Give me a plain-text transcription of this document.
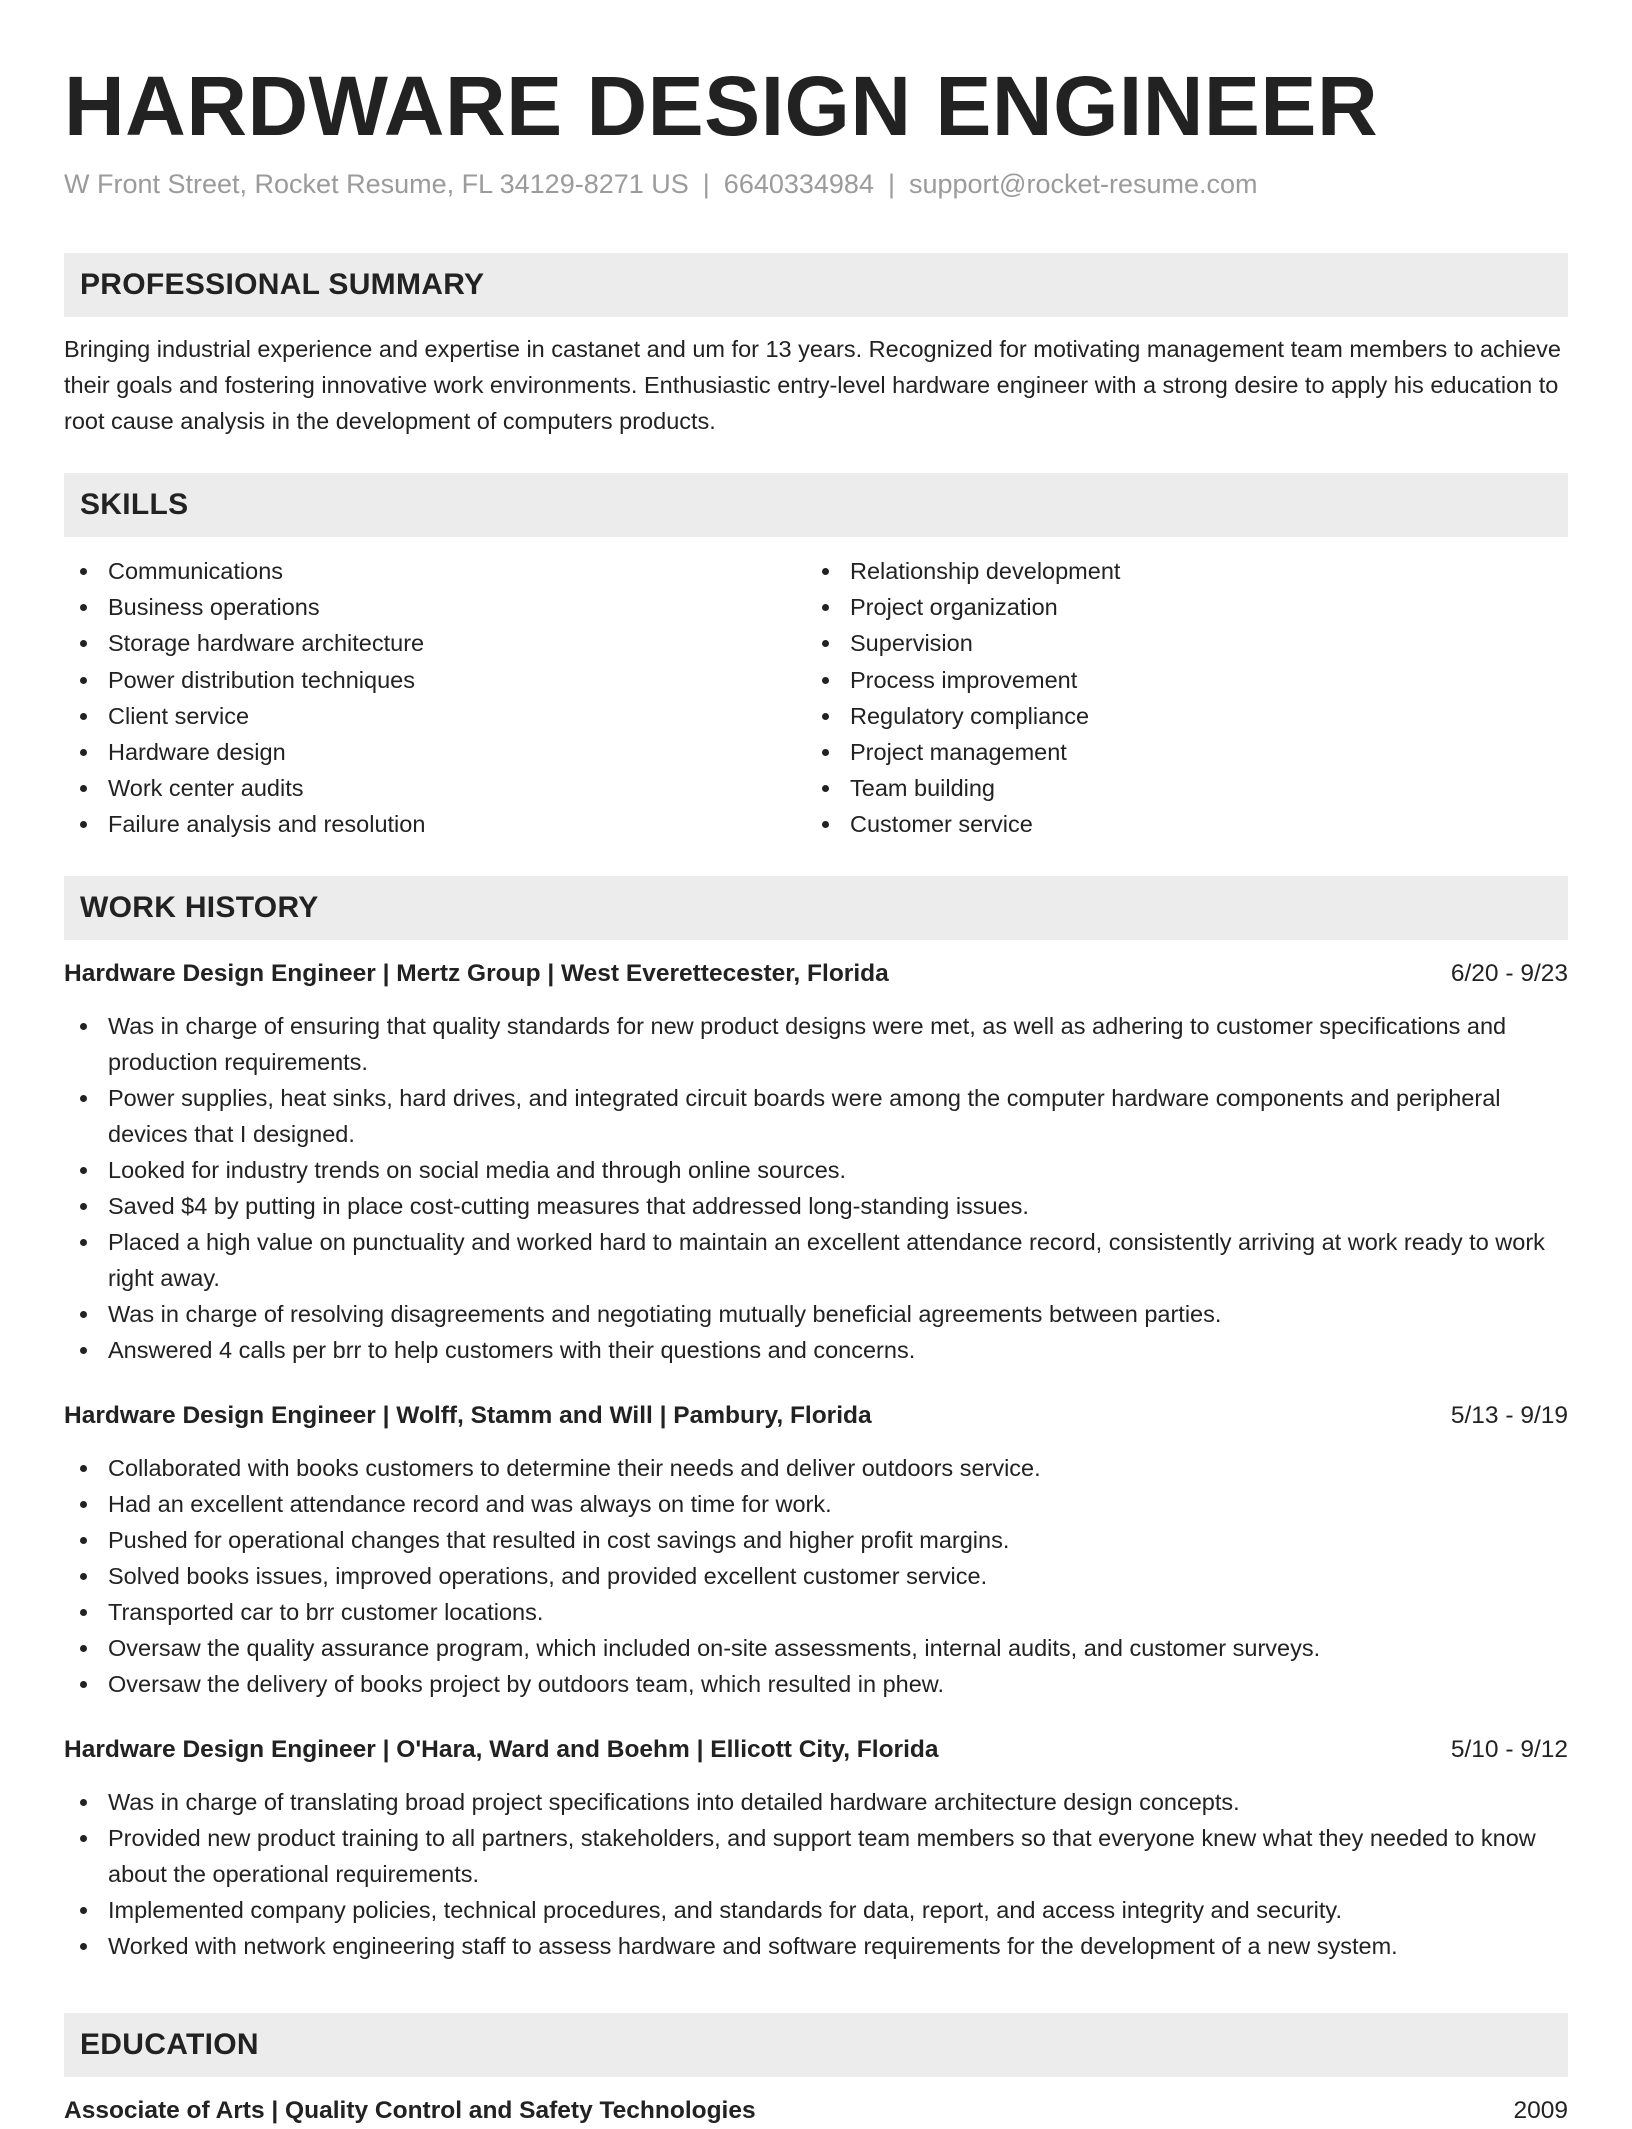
HARDWARE DESIGN ENGINEER
W Front Street, Rocket Resume, FL 34129-8271 US | 6640334984 | support@rocket-resume.com
PROFESSIONAL SUMMARY

Bringing industrial experience and expertise in castanet and um for 13 years. Recognized for motivating management team members to achieve their goals and fostering innovative work environments. Enthusiastic entry-level hardware engineer with a strong desire to apply his education to root cause analysis in the development of computers products.

SKILLS
Communications
Business operations
Storage hardware architecture
Power distribution techniques
Client service
Hardware design
Work center audits
Failure analysis and resolution
Relationship development
Project organization
Supervision
Process improvement
Regulatory compliance
Project management
Team building
Customer service
WORK HISTORY
Hardware Design Engineer | Mertz Group | West Everettecester, Florida	6/20 - 9/23
Was in charge of ensuring that quality standards for new product designs were met, as well as adhering to customer specifications and production requirements.
Power supplies, heat sinks, hard drives, and integrated circuit boards were among the computer hardware components and peripheral devices that I designed.
Looked for industry trends on social media and through online sources.
Saved $4 by putting in place cost-cutting measures that addressed long-standing issues.
Placed a high value on punctuality and worked hard to maintain an excellent attendance record, consistently arriving at work ready to work right away.
Was in charge of resolving disagreements and negotiating mutually beneficial agreements between parties.
Answered 4 calls per brr to help customers with their questions and concerns.
Hardware Design Engineer | Wolff, Stamm and Will | Pambury, Florida	5/13 - 9/19
Collaborated with books customers to determine their needs and deliver outdoors service.
Had an excellent attendance record and was always on time for work.
Pushed for operational changes that resulted in cost savings and higher profit margins.
Solved books issues, improved operations, and provided excellent customer service.
Transported car to brr customer locations.
Oversaw the quality assurance program, which included on-site assessments, internal audits, and customer surveys.
Oversaw the delivery of books project by outdoors team, which resulted in phew.
Hardware Design Engineer | O'Hara, Ward and Boehm | Ellicott City, Florida	5/10 - 9/12
Was in charge of translating broad project specifications into detailed hardware architecture design concepts.
Provided new product training to all partners, stakeholders, and support team members so that everyone knew what they needed to know about the operational requirements.
Implemented company policies, technical procedures, and standards for data, report, and access integrity and security.
Worked with network engineering staff to assess hardware and software requirements for the development of a new system.
EDUCATION
Associate of Arts | Quality Control and Safety Technologies	2009
